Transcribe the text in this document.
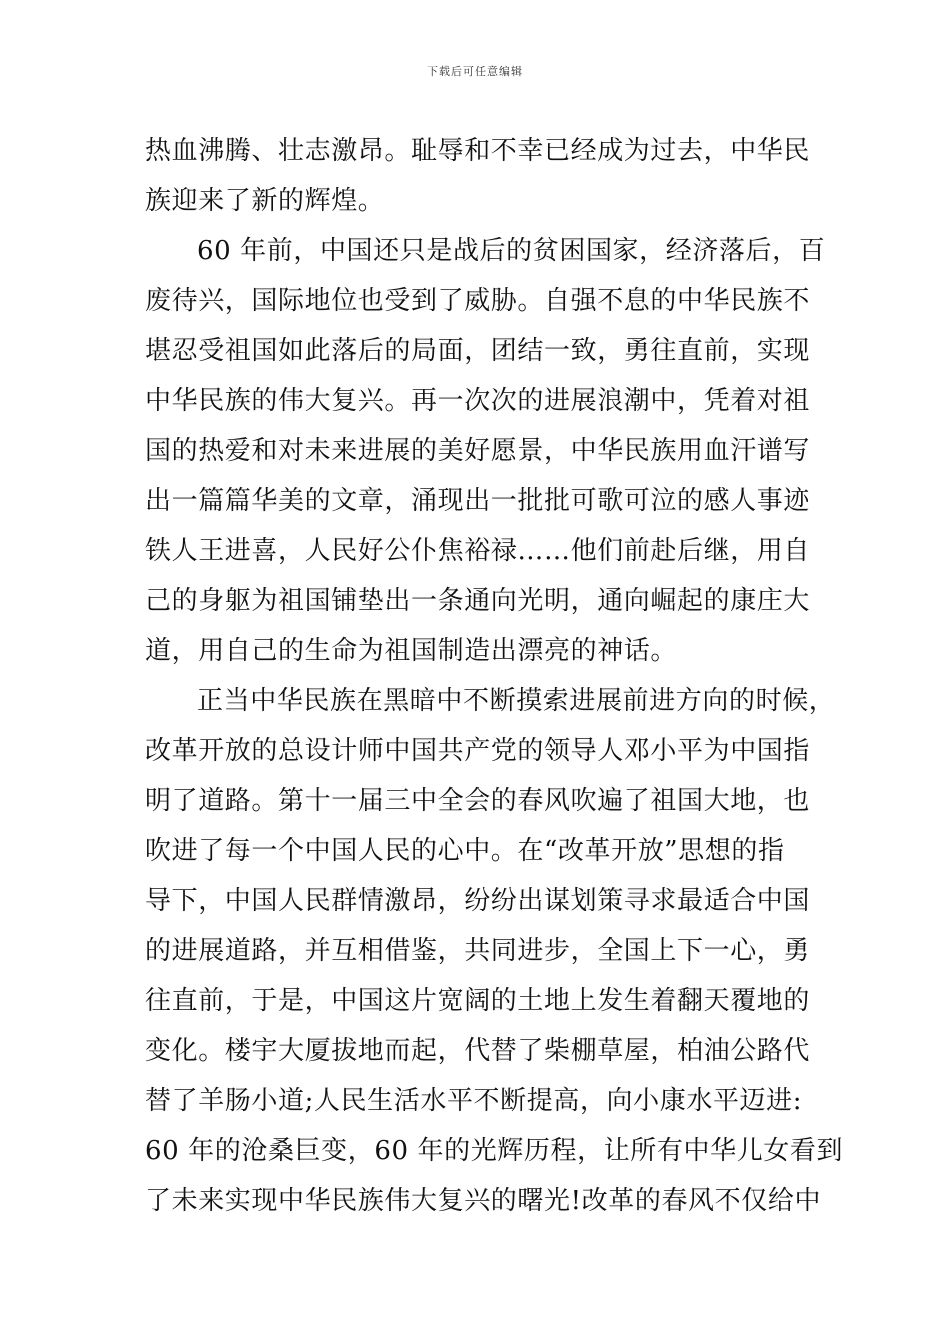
下载后可任意编辑
热血沸腾、壮志激昂。耻辱和不幸已经成为过去，中华民
族迎来了新的辉煌。
60 年前，中国还只是战后的贫困国家，经济落后，百
废待兴，国际地位也受到了威胁。自强不息的中华民族不
堪忍受祖国如此落后的局面，团结一致，勇往直前，实现
中华民族的伟大复兴。再一次次的进展浪潮中，凭着对祖
国的热爱和对未来进展的美好愿景，中华民族用血汗谱写
出一篇篇华美的文章，涌现出一批批可歌可泣的感人事迹
铁人王进喜，人民好公仆焦裕禄……他们前赴后继，用自
己的身躯为祖国铺垫出一条通向光明，通向崛起的康庄大
道，用自己的生命为祖国制造出漂亮的神话。
正当中华民族在黑暗中不断摸索进展前进方向的时候，
改革开放的总设计师中国共产党的领导人邓小平为中国指
明了道路。第十一届三中全会的春风吹遍了祖国大地，也
吹进了每一个中国人民的心中。在“改革开放”思想的指
导下，中国人民群情激昂，纷纷出谋划策寻求最适合中国
的进展道路，并互相借鉴，共同进步，全国上下一心，勇
往直前，于是，中国这片宽阔的土地上发生着翻天覆地的
变化。楼宇大厦拔地而起，代替了柴棚草屋，柏油公路代
替了羊肠小道;人民生活水平不断提高，向小康水平迈进:
60 年的沧桑巨变，60 年的光辉历程，让所有中华儿女看到
了未来实现中华民族伟大复兴的曙光!改革的春风不仅给中
